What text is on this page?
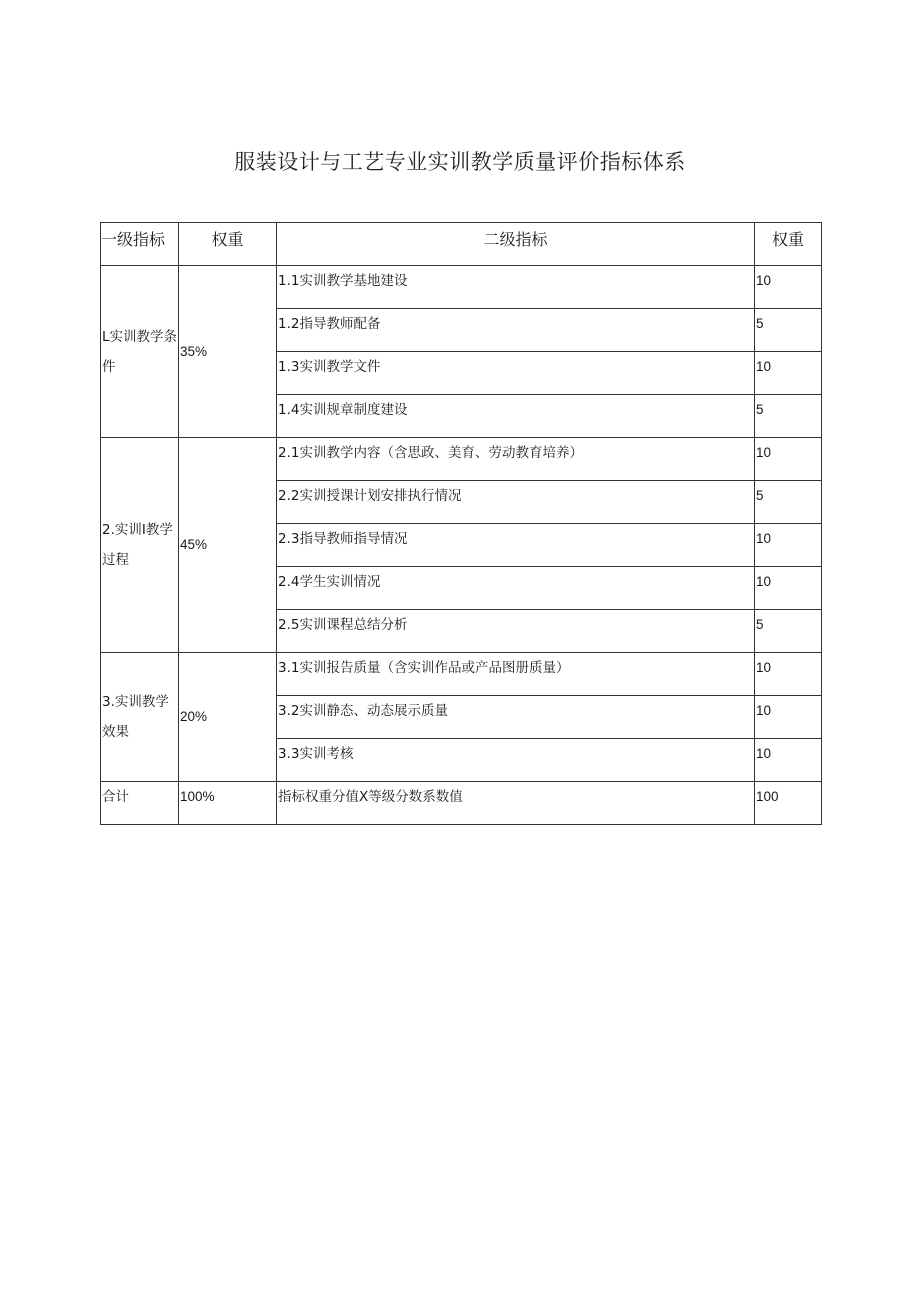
服装设计与工艺专业实训教学质量评价指标体系
一级指标	权重	二级指标	权重
L实训教学条件	35%	1.1实训教学基地建设	10
		1.2指导教师配备	5
		1.3实训教学文件	10
		1.4实训规章制度建设	5
2.实训I教学过程	45%	2.1实训教学内容（含思政、美育、劳动教育培养）	10
		2.2实训授课计划安排执行情况	5
		2.3指导教师指导情况	10
		2.4学生实训情况	10
		2.5实训课程总结分析	5
3.实训教学效果	20%	3.1实训报告质量（含实训作品或产品图册质量）	10
		3.2实训静态、动态展示质量	10
		3.3实训考核	10
合计	100%	指标权重分值X等级分数系数值	100
